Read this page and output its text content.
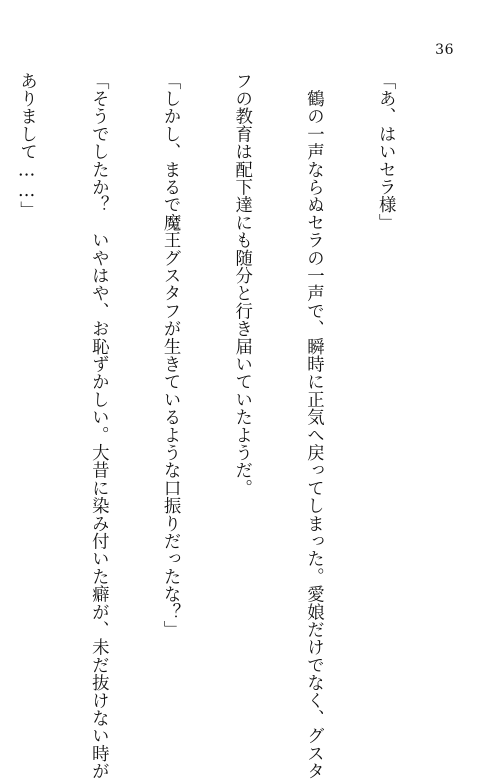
36

「あ、はいセラ様」

　鶴の一声ならぬセラの一声で、瞬時に正気へ戻ってしまった。愛娘だけでなく、グスタ

フの教育は配下達にも随分と行き届いていたようだ。

「しかし、まるで魔王グスタフが生きているような口振りだったな？」

「そうでしたか？　いやはや、お恥ずかしい。大昔に染み付いた癖が、未だ抜けない時が

ありまして……」
